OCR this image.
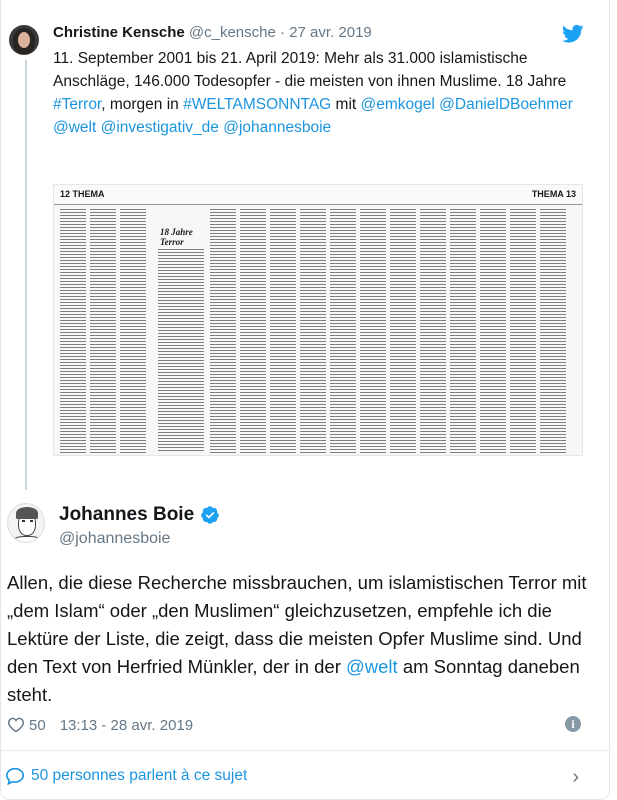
Christine Kensche @c_kensche · 27 avr. 2019
11. September 2001 bis 21. April 2019: Mehr als 31.000 islamistische Anschläge, 146.000 Todesopfer - die meisten von ihnen Muslime. 18 Jahre #Terror, morgen in #WELTAMSONNTAG mit @emkogel @DanielDBoehmer @welt @investigativ_de @johannesboie
12 THEMA	THEMA 13
18 Jahre Terror
Johannes Boie
@johannesboie
Allen, die diese Recherche missbrauchen, um islamistischen Terror mit „dem Islam“ oder „den Muslimen“ gleichzusetzen, empfehle ich die Lektüre der Liste, die zeigt, dass die meisten Opfer Muslime sind. Und den Text von Herfried Münkler, der in der @welt am Sonntag daneben steht.
50 13:13 - 28 avr. 2019	i
50 personnes parlent à ce sujet	›
